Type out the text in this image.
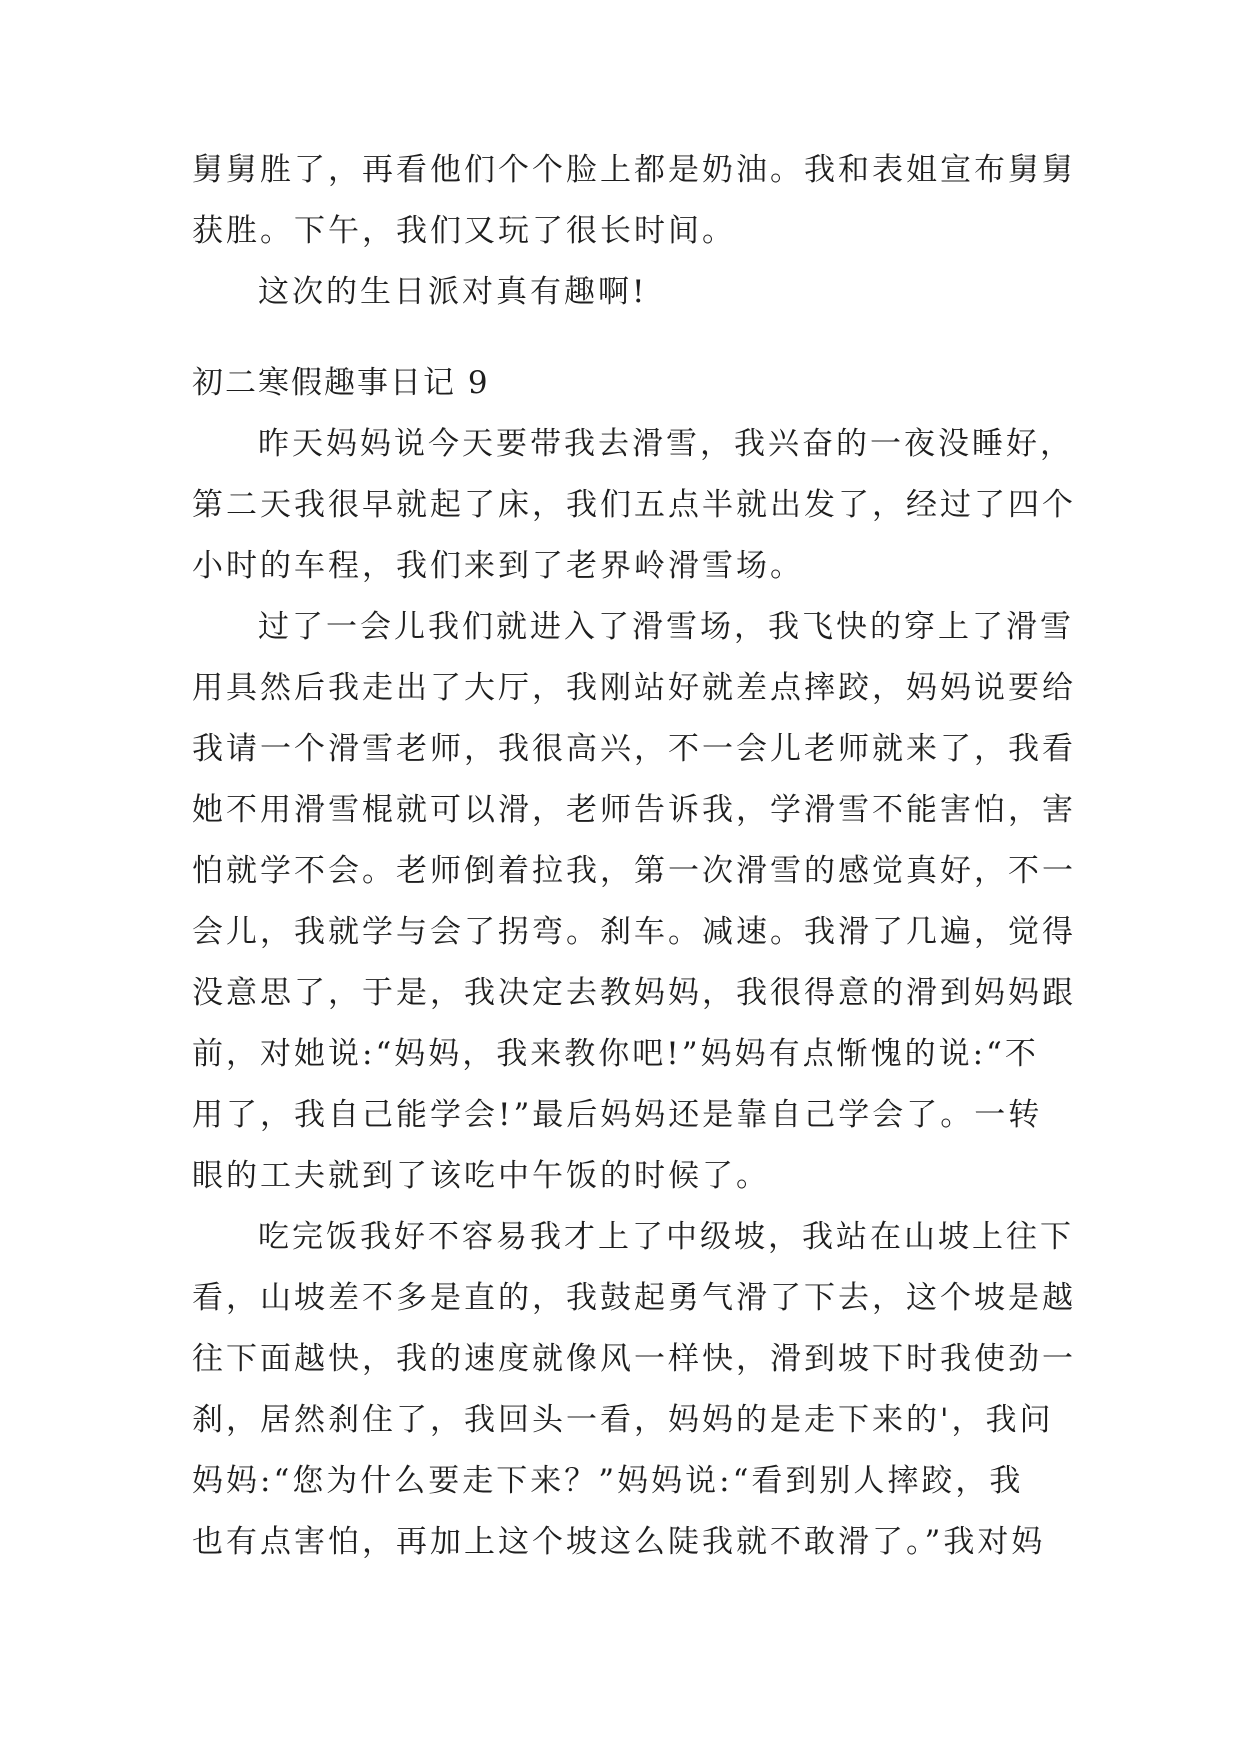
舅舅胜了，再看他们个个脸上都是奶油。我和表姐宣布舅舅
获胜。下午，我们又玩了很长时间。
这次的生日派对真有趣啊!
初二寒假趣事日记 9
昨天妈妈说今天要带我去滑雪，我兴奋的一夜没睡好，
第二天我很早就起了床，我们五点半就出发了，经过了四个
小时的车程，我们来到了老界岭滑雪场。
过了一会儿我们就进入了滑雪场，我飞快的穿上了滑雪
用具然后我走出了大厅，我刚站好就差点摔跤，妈妈说要给
我请一个滑雪老师，我很高兴，不一会儿老师就来了，我看
她不用滑雪棍就可以滑，老师告诉我，学滑雪不能害怕，害
怕就学不会。老师倒着拉我，第一次滑雪的感觉真好，不一
会儿，我就学与会了拐弯。刹车。减速。我滑了几遍，觉得
没意思了，于是，我决定去教妈妈，我很得意的滑到妈妈跟
前，对她说:“妈妈，我来教你吧!”妈妈有点惭愧的说:“不
用了，我自己能学会!”最后妈妈还是靠自己学会了。一转
眼的工夫就到了该吃中午饭的时候了。
吃完饭我好不容易我才上了中级坡，我站在山坡上往下
看，山坡差不多是直的，我鼓起勇气滑了下去，这个坡是越
往下面越快，我的速度就像风一样快，滑到坡下时我使劲一
刹，居然刹住了，我回头一看，妈妈的是走下来的'，我问
妈妈:“您为什么要走下来？”妈妈说:“看到别人摔跤，我
也有点害怕，再加上这个坡这么陡我就不敢滑了。”我对妈
